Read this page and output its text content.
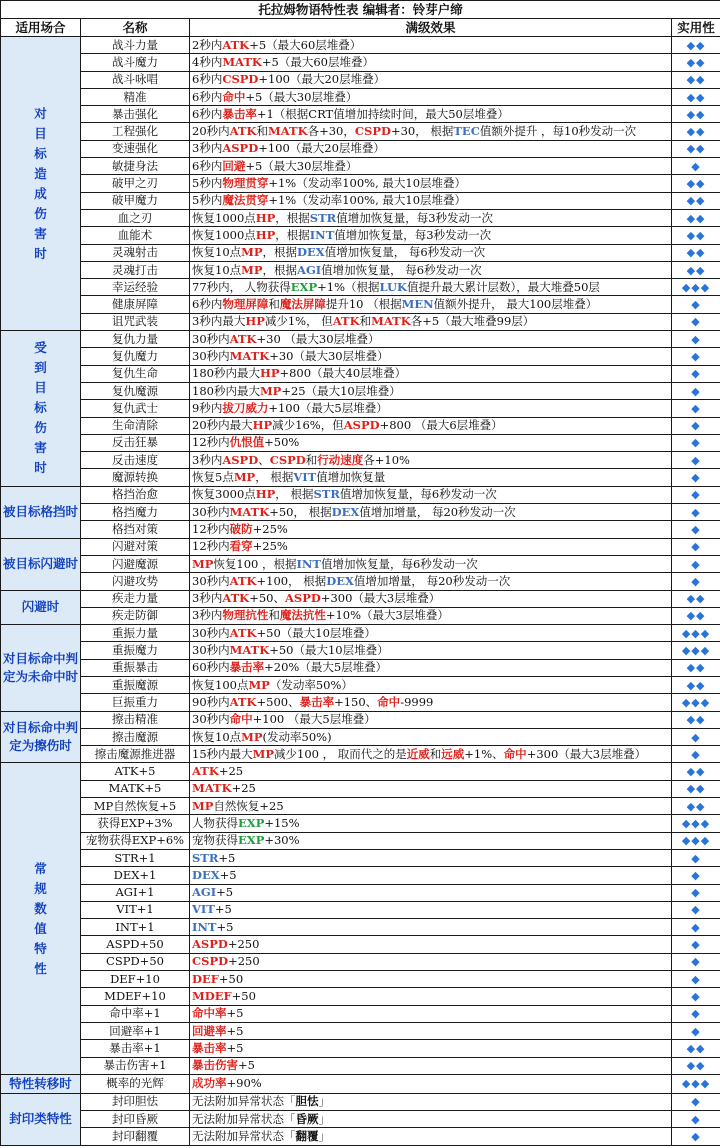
托拉姆物语特性表 编辑者：铃芽户缔			
适用场合	名称	满级效果	实用性
对目标造成伤害时	战斗力量	2秒内ATK+5（最大60层堆叠）	◆◆
	战斗魔力	4秒内MATK+5（最大60层堆叠）	◆◆
	战斗咏唱	6秒内CSPD+100（最大20层堆叠）	◆◆
	精准	6秒内命中+5（最大30层堆叠）	◆◆
	暴击强化	6秒内暴击率+1（根据CRT值增加持续时间，最大50层堆叠）	◆◆
	工程强化	20秒内ATK和MATK各+30，CSPD+30， 根据TEC值额外提升 ，每10秒发动一次	◆◆
	变速强化	3秒内ASPD+100（最大20层堆叠）	◆◆
	敏捷身法	6秒内回避+5（最大30层堆叠）	◆
	破甲之刃	5秒内物理贯穿+1%（发动率100%, 最大10层堆叠）	◆◆
	破甲魔力	5秒内魔法贯穿+1%（发动率100%, 最大10层堆叠）	◆◆
	血之刃	恢复1000点HP，根据STR值增加恢复量，每3秒发动一次	◆◆
	血能术	恢复1000点HP，根据INT值增加恢复量，每3秒发动一次	◆◆
	灵魂射击	恢复10点MP，根据DEX值增加恢复量， 每6秒发动一次	◆◆
	灵魂打击	恢复10点MP，根据AGI值增加恢复量， 每6秒发动一次	◆◆
	幸运经验	77秒内， 人物获得EXP+1%（根据LUK值提升最大累计层数），最大堆叠50层	◆◆◆
	健康屏障	6秒内物理屏障和魔法屏障提升10 （根据MEN值额外提升， 最大100层堆叠）	◆
	诅咒武装	3秒内最大HP减少1%， 但ATK和MATK各+5（最大堆叠99层）	◆
受到目标伤害时	复仇力量	30秒内ATK+30 （最大30层堆叠）	◆
	复仇魔力	30秒内MATK+30（最大30层堆叠）	◆
	复仇生命	180秒内最大HP+800（最大40层堆叠）	◆
	复仇魔源	180秒内最大MP+25（最大10层堆叠）	◆
	复仇武士	9秒内拔刀威力+100（最大5层堆叠）	◆
	生命清除	20秒内最大HP减少16%，但ASPD+800 （最大6层堆叠）	◆
	反击狂暴	12秒内仇恨值+50%	◆
	反击速度	3秒内ASPD、CSPD和行动速度各+10%	◆
	魔源转换	恢复5点MP， 根据VIT值增加恢复量	◆
被目标格挡时	格挡治愈	恢复3000点HP， 根据STR值增加恢复量，每6秒发动一次	◆
	格挡魔力	30秒内MATK+50， 根据DEX值增加增量， 每20秒发动一次	◆
	格挡对策	12秒内破防+25%	◆
被目标闪避时	闪避对策	12秒内看穿+25%	◆
	闪避魔源	MP恢复100 ，根据INT值增加恢复量，每6秒发动一次	◆
	闪避攻势	30秒内ATK+100， 根据DEX值增加增量， 每20秒发动一次	◆
闪避时	疾走力量	3秒内ATK+50、ASPD+300（最大3层堆叠）	◆◆
	疾走防御	3秒内物理抗性和魔法抗性+10%（最大3层堆叠）	◆◆
对目标命中判定为未命中时	重振力量	30秒内ATK+50（最大10层堆叠）	◆◆◆
	重振魔力	30秒内MATK+50（最大10层堆叠）	◆◆◆
	重振暴击	60秒内暴击率+20%（最大5层堆叠）	◆◆
	重振魔源	恢复100点MP（发动率50%）	◆◆
	巨振重力	90秒内ATK+500、暴击率+150、命中-9999	◆◆◆
对目标命中判定为擦伤时	擦击精准	30秒内命中+100 （最大5层堆叠）	◆◆
	擦击魔源	恢复10点MP(发动率50%)	◆
	擦击魔源推进器	15秒内最大MP减少100 ， 取而代之的是近威和远威+1%、命中+300（最大3层堆叠）	◆
常规数值特性	ATK+5	ATK+25	◆◆
	MATK+5	MATK+25	◆◆
	MP自然恢复+5	MP自然恢复+25	◆◆
	获得EXP+3%	人物获得EXP+15%	◆◆◆
	宠物获得EXP+6%	宠物获得EXP+30%	◆◆◆
	STR+1	STR+5	◆
	DEX+1	DEX+5	◆
	AGI+1	AGI+5	◆
	VIT+1	VIT+5	◆
	INT+1	INT+5	◆
	ASPD+50	ASPD+250	◆
	CSPD+50	CSPD+250	◆
	DEF+10	DEF+50	◆
	MDEF+10	MDEF+50	◆
	命中率+1	命中率+5	◆
	回避率+1	回避率+5	◆
	暴击率+1	暴击率+5	◆◆
	暴击伤害+1	暴击伤害+5	◆◆
特性转移时	概率的光辉	成功率+90%	◆◆◆
封印类特性	封印胆怯	无法附加异常状态「胆怯」	◆
	封印昏厥	无法附加异常状态「昏厥」	◆
	封印翻覆	无法附加异常状态「翻覆」	◆
